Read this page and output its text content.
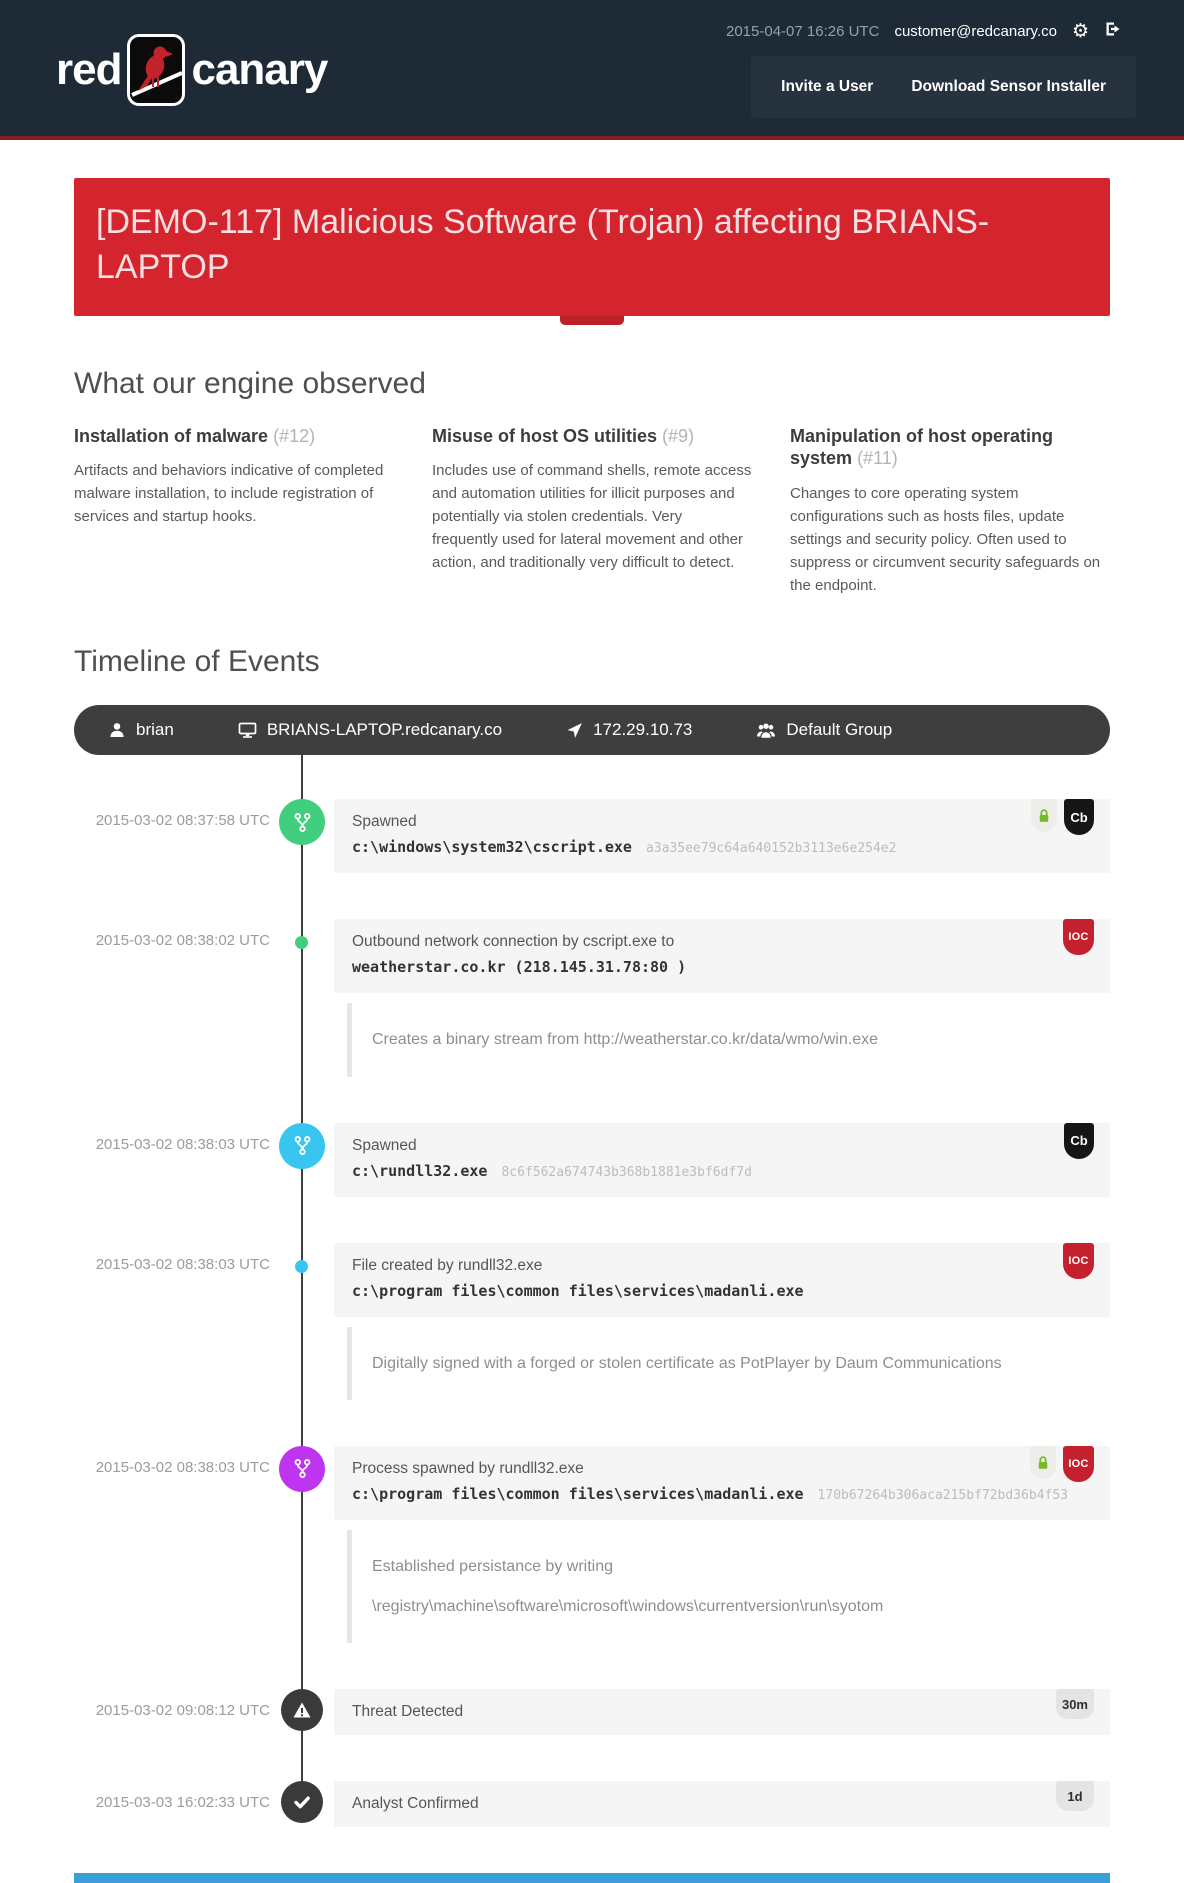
red canary
2015-04-07 16:26 UTC customer@redcanary.co ⚙
Invite a User Download Sensor Installer
[DEMO-117] Malicious Software (Trojan) affecting BRIANS-LAPTOP
What our engine observed
Installation of malware (#12)
Artifacts and behaviors indicative of completed malware installation, to include registration of services and startup hooks.
Misuse of host OS utilities (#9)
Includes use of command shells, remote access and automation utilities for illicit purposes and potentially via stolen credentials. Very frequently used for lateral movement and other action, and traditionally very difficult to detect.
Manipulation of host operating system (#11)
Changes to core operating system configurations such as hosts files, update settings and security policy. Often used to suppress or circumvent security safeguards on the endpoint.
Timeline of Events
brian	BRIANS-LAPTOP.redcanary.co	172.29.10.73	Default Group
2015-03-02 08:37:58 UTC	Cb
Spawned
c:\windows\system32\cscript.exe a3a35ee79c64a640152b3113e6e254e2
2015-03-02 08:38:02 UTC	IOC
Outbound network connection by cscript.exe to
weatherstar.co.kr (218.145.31.78:80 )
Creates a binary stream from http://weatherstar.co.kr/data/wmo/win.exe
2015-03-02 08:38:03 UTC	Cb
Spawned
c:\rundll32.exe 8c6f562a674743b368b1881e3bf6df7d
2015-03-02 08:38:03 UTC	IOC
File created by rundll32.exe
c:\program files\common files\services\madanli.exe
Digitally signed with a forged or stolen certificate as PotPlayer by Daum Communications
2015-03-02 08:38:03 UTC	IOC
Process spawned by rundll32.exe
c:\program files\common files\services\madanli.exe 170b67264b306aca215bf72bd36b4f53
Established persistance by writing
\registry\machine\software\microsoft\windows\currentversion\run\syotom
2015-03-02 09:08:12 UTC	30m
Threat Detected
2015-03-03 16:02:33 UTC	1d
Analyst Confirmed
